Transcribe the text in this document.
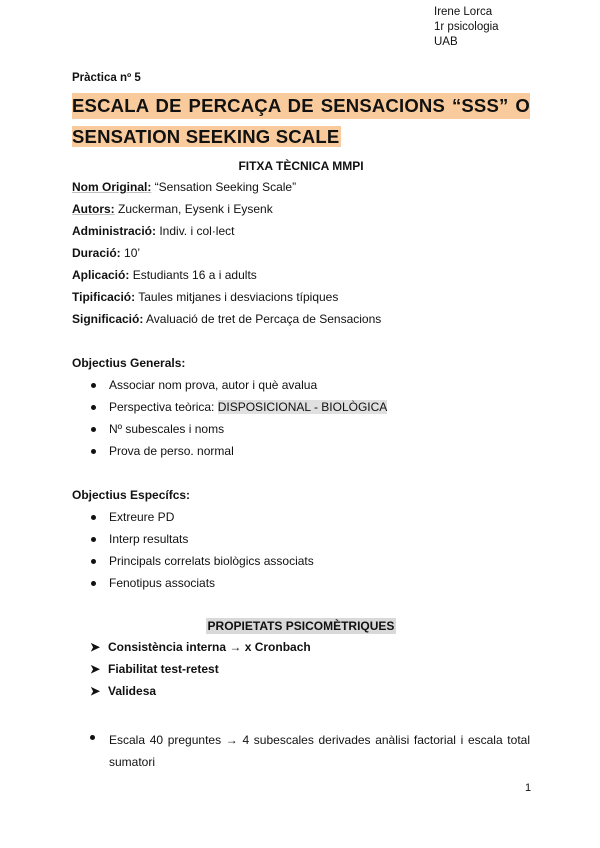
Irene Lorca
1r psicologia
UAB
Pràctica nº 5
ESCALA DE PERCAÇA DE SENSACIONS “SSS” O
SENSATION SEEKING SCALE
FITXA TÈCNICA MMPI
Nom Original: “Sensation Seeking Scale”
Autors: Zuckerman, Eysenk i Eysenk
Administració: Indiv. i col·lect
Duració: 10’
Aplicació: Estudiants 16 a i adults
Tipificació: Taules mitjanes i desviacions típiques
Significació: Avaluació de tret de Percaça de Sensacions
Objectius Generals:
Associar nom prova, autor i què avalua
Perspectiva teòrica: DISPOSICIONAL - BIOLÒGICA
Nº subescales i noms
Prova de perso. normal
Objectius Específcs:
Extreure PD
Interp resultats
Principals correlats biològics associats
Fenotipus associats
PROPIETATS PSICOMÈTRIQUES
➤ Consistència interna → x Cronbach
➤ Fiabilitat test-retest
➤ Validesa
Escala 40 preguntes → 4 subescales derivades anàlisi factorial i escala total sumatori
1
